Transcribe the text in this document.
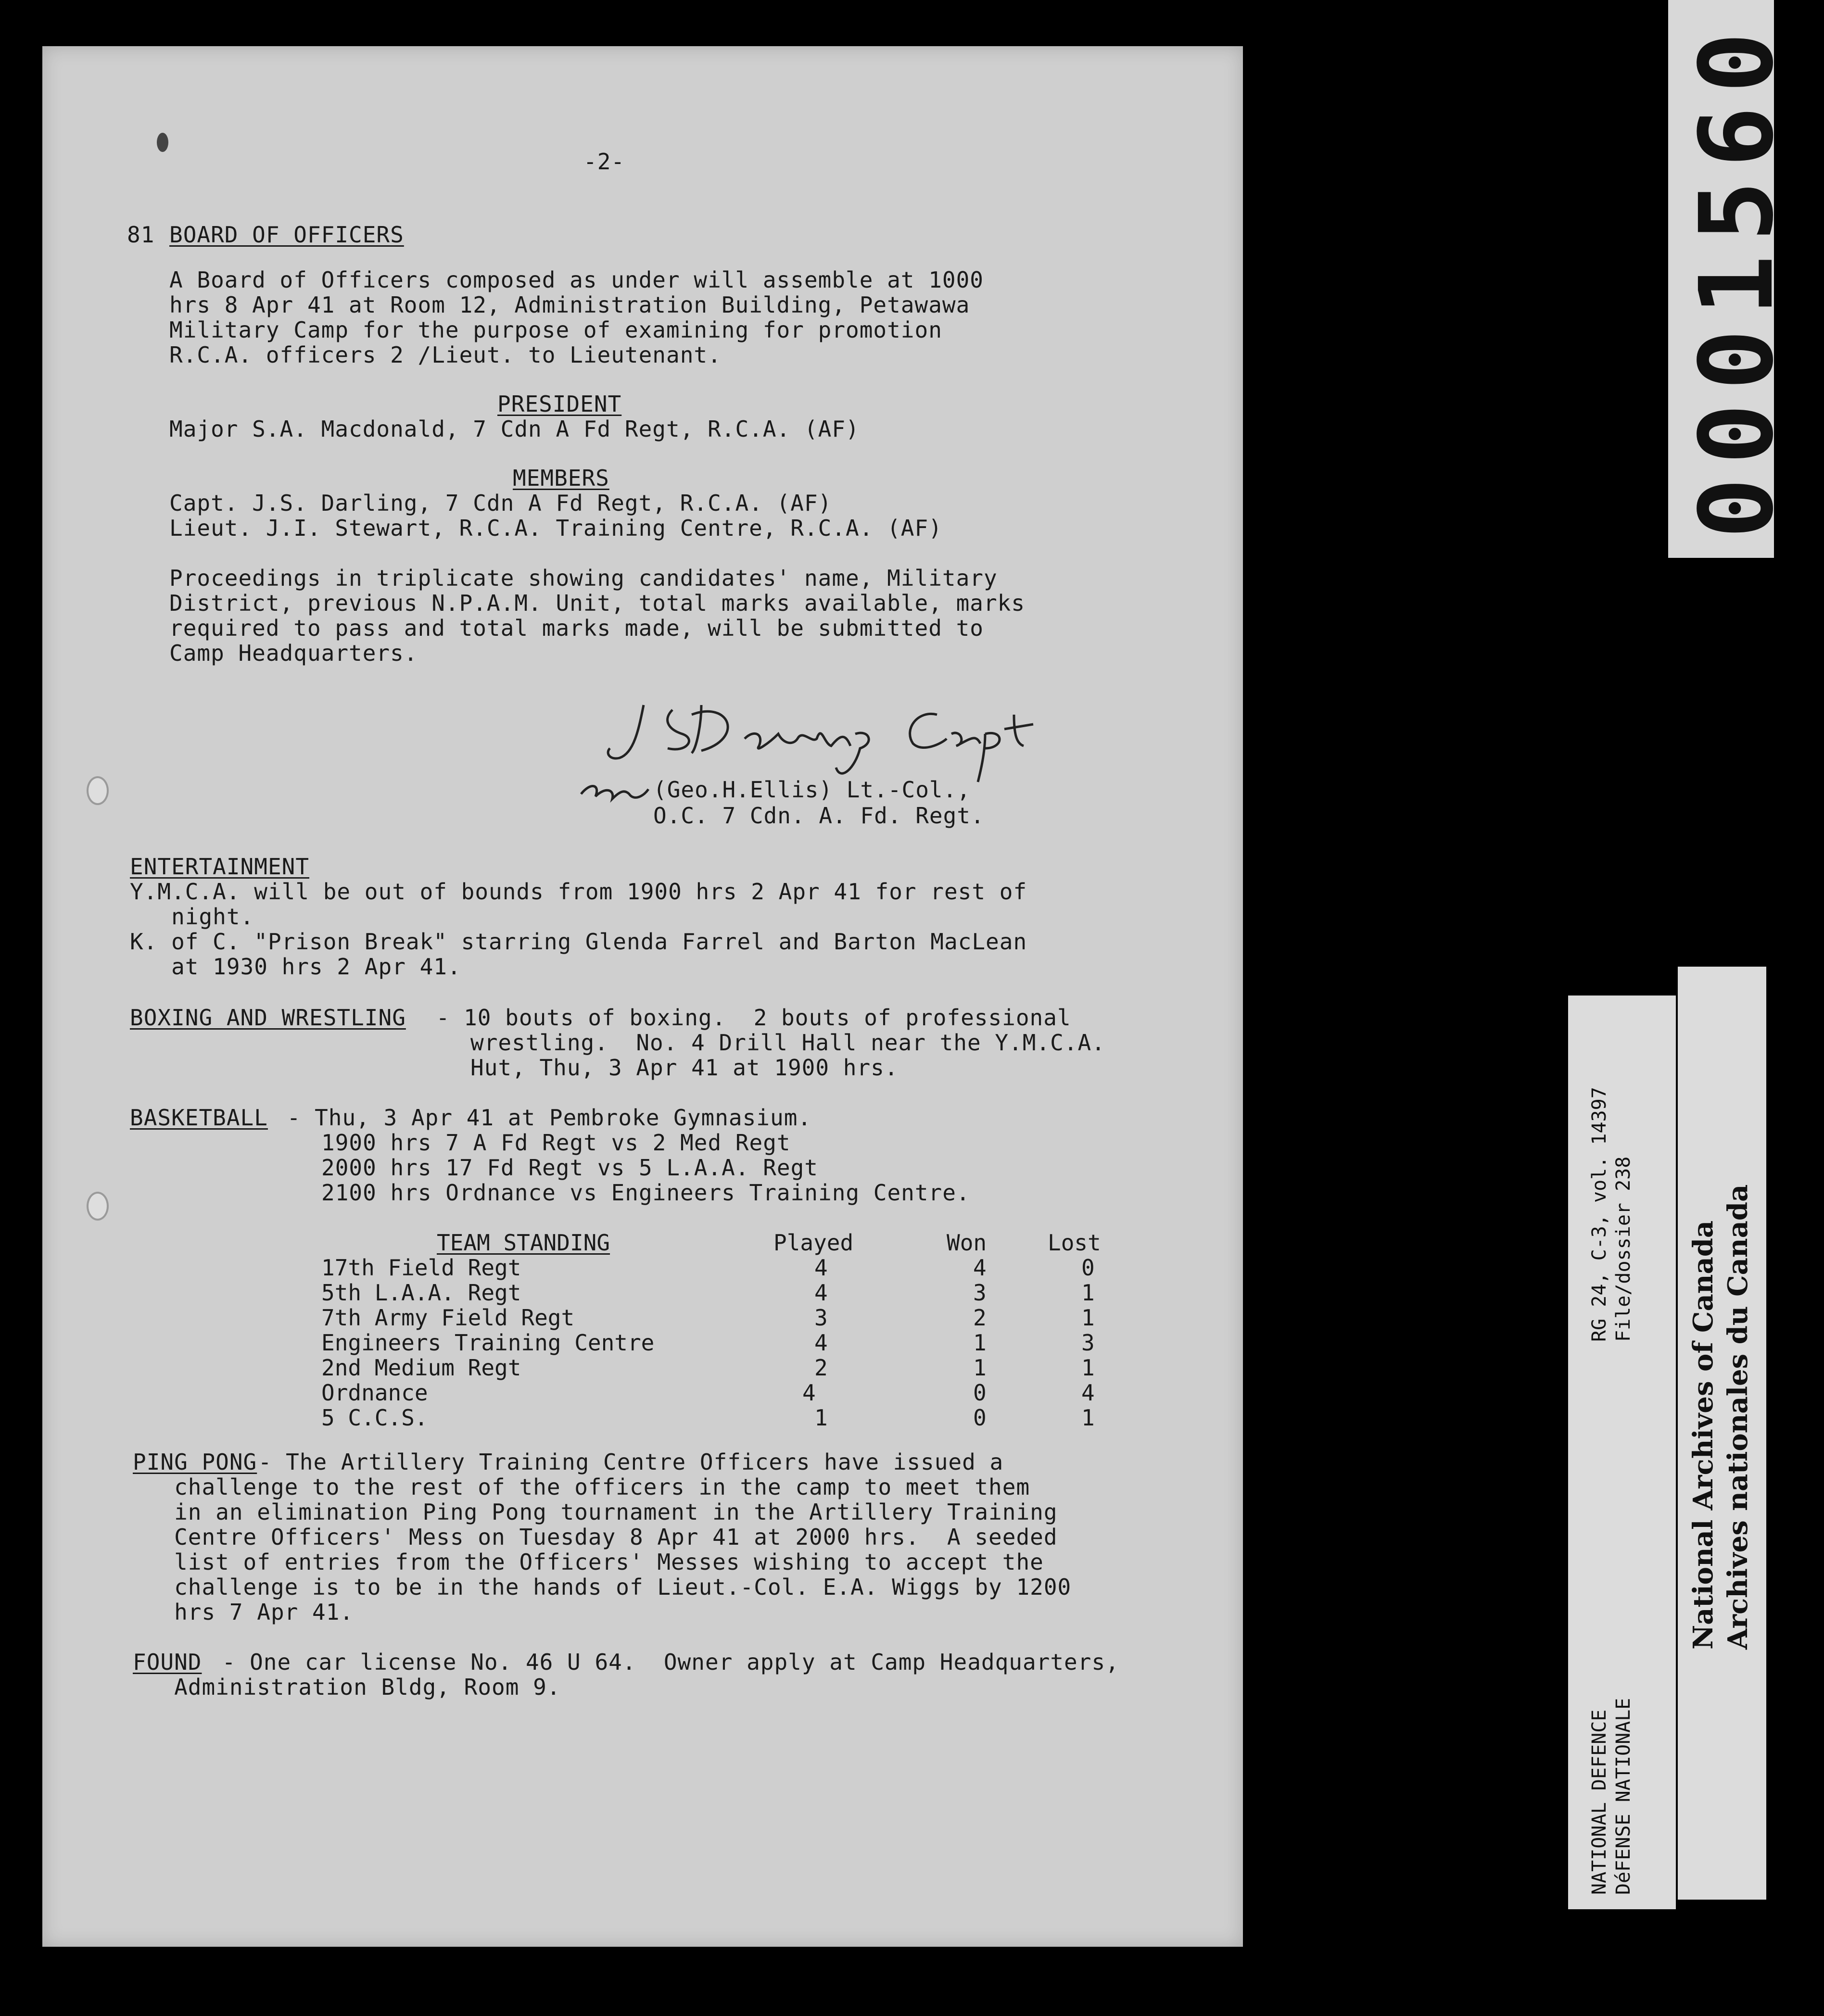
-2-
81 BOARD OF OFFICERS
A Board of Officers composed as under will assemble at 1000
hrs 8 Apr 41 at Room 12, Administration Building, Petawawa
Military Camp for the purpose of examining for promotion
R.C.A. officers 2 /Lieut. to Lieutenant.
PRESIDENT
Major S.A. Macdonald, 7 Cdn A Fd Regt, R.C.A. (AF)
MEMBERS
Capt. J.S. Darling, 7 Cdn A Fd Regt, R.C.A. (AF)
Lieut. J.I. Stewart, R.C.A. Training Centre, R.C.A. (AF)
Proceedings in triplicate showing candidates' name, Military
District, previous N.P.A.M. Unit, total marks available, marks
required to pass and total marks made, will be submitted to
Camp Headquarters.
(Geo.H.Ellis) Lt.-Col.,
O.C. 7 Cdn. A. Fd. Regt.
ENTERTAINMENT
Y.M.C.A. will be out of bounds from 1900 hrs 2 Apr 41 for rest of
night.
K. of C. "Prison Break" starring Glenda Farrel and Barton MacLean
at 1930 hrs 2 Apr 41.
BOXING AND WRESTLING - 10 bouts of boxing.  2 bouts of professional
wrestling.  No. 4 Drill Hall near the Y.M.C.A.
Hut, Thu, 3 Apr 41 at 1900 hrs.
BASKETBALL - Thu, 3 Apr 41 at Pembroke Gymnasium.
1900 hrs 7 A Fd Regt vs 2 Med Regt
2000 hrs 17 Fd Regt vs 5 L.A.A. Regt
2100 hrs Ordnance vs Engineers Training Centre.
TEAM STANDING	Played	Won	Lost
17th Field Regt	4	4	0
5th L.A.A. Regt	4	3	1
7th Army Field Regt	3	2	1
Engineers Training Centre	4	1	3
2nd Medium Regt	2	1	1
Ordnance	4	0	4
5 C.C.S.	1	0	1
PING PONG
- The Artillery Training Centre Officers have issued a
challenge to the rest of the officers in the camp to meet them
in an elimination Ping Pong tournament in the Artillery Training
Centre Officers' Mess on Tuesday 8 Apr 41 at 2000 hrs.  A seeded
list of entries from the Officers' Messes wishing to accept the
challenge is to be in the hands of Lieut.-Col. E.A. Wiggs by 1200
hrs 7 Apr 41.
FOUND - One car license No. 46 U 64.  Owner apply at Camp Headquarters,
Administration Bldg, Room 9.
0001560
RG 24, C-3, vol. 14397 File/dossier 238
NATIONAL DEFENCE DéFENSE NATIONALE
National Archives of Canada Archives nationales du Canada
